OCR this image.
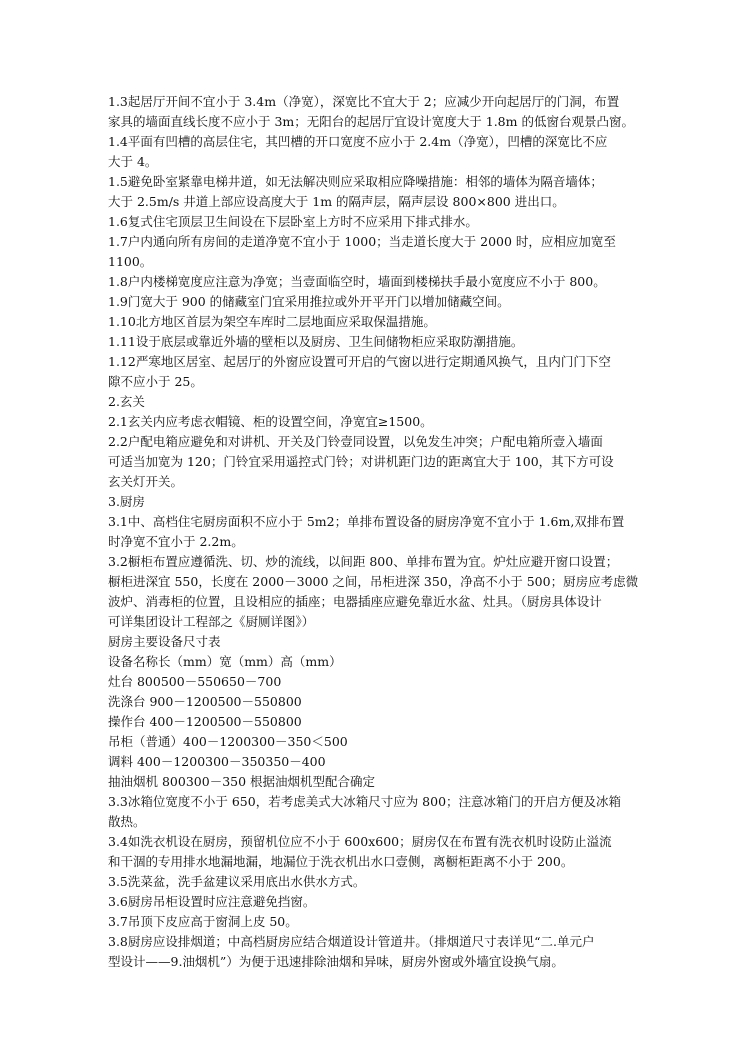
1.3起居厅开间不宜小于 3.4m（净宽），深宽比不宜大于 2；应减少开向起居厅的门洞，布置
家具的墙面直线长度不应小于 3m；无阳台的起居厅宜设计宽度大于 1.8m 的低窗台观景凸窗。
1.4平面有凹槽的高层住宅，其凹槽的开口宽度不应小于 2.4m（净宽），凹槽的深宽比不应
大于 4。
1.5避免卧室紧靠电梯井道，如无法解决则应采取相应降噪措施：相邻的墙体为隔音墙体；
大于 2.5m/s 井道上部应设高度大于 1m 的隔声层，隔声层设 800×800 进出口。
1.6复式住宅顶层卫生间设在下层卧室上方时不应采用下排式排水。
1.7户内通向所有房间的走道净宽不宜小于 1000；当走道长度大于 2000 时，应相应加宽至
1100。
1.8户内楼梯宽度应注意为净宽；当壹面临空时，墙面到楼梯扶手最小宽度应不小于 800。
1.9门宽大于 900 的储藏室门宜采用推拉或外开平开门以增加储藏空间。
1.10北方地区首层为架空车库时二层地面应采取保温措施。
1.11设于底层或靠近外墙的壁柜以及厨房、卫生间储物柜应采取防潮措施。
1.12严寒地区居室、起居厅的外窗应设置可开启的气窗以进行定期通风换气，且内门门下空
隙不应小于 25。
2.玄关
2.1玄关内应考虑衣帽镜、柜的设置空间，净宽宜≥1500。
2.2户配电箱应避免和对讲机、开关及门铃壹同设置，以免发生冲突；户配电箱所壹入墙面
可适当加宽为 120；门铃宜采用遥控式门铃；对讲机距门边的距离宜大于 100，其下方可设
玄关灯开关。
3.厨房
3.1中、高档住宅厨房面积不应小于 5m2；单排布置设备的厨房净宽不宜小于 1.6m,双排布置
时净宽不宜小于 2.2m。
3.2橱柜布置应遵循洗、切、炒的流线，以间距 800、单排布置为宜。炉灶应避开窗口设置；
橱柜进深宜 550，长度在 2000－3000 之间，吊柜进深 350，净高不小于 500；厨房应考虑微
波炉、消毒柜的位置，且设相应的插座；电器插座应避免靠近水盆、灶具。（厨房具体设计
可详集团设计工程部之《厨厕详图》）
厨房主要设备尺寸表
设备名称长（mm）宽（mm）高（mm）
灶台 800500－550650－700
洗涤台 900－1200500－550800
操作台 400－1200500－550800
吊柜（普通）400－1200300－350＜500
调料 400－1200300－350350－400
抽油烟机 800300－350 根据油烟机型配合确定
3.3冰箱位宽度不小于 650，若考虑美式大冰箱尺寸应为 800；注意冰箱门的开启方便及冰箱
散热。
3.4如洗衣机设在厨房，预留机位应不小于 600x600；厨房仅在布置有洗衣机时设防止溢流
和干涸的专用排水地漏地漏，地漏位于洗衣机出水口壹侧，离橱柜距离不小于 200。
3.5洗菜盆，洗手盆建议采用底出水供水方式。
3.6厨房吊柜设置时应注意避免挡窗。
3.7吊顶下皮应高于窗洞上皮 50。
3.8厨房应设排烟道；中高档厨房应结合烟道设计管道井。（排烟道尺寸表详见“二.单元户
型设计——9.油烟机”）为便于迅速排除油烟和异味，厨房外窗或外墙宜设换气扇。
